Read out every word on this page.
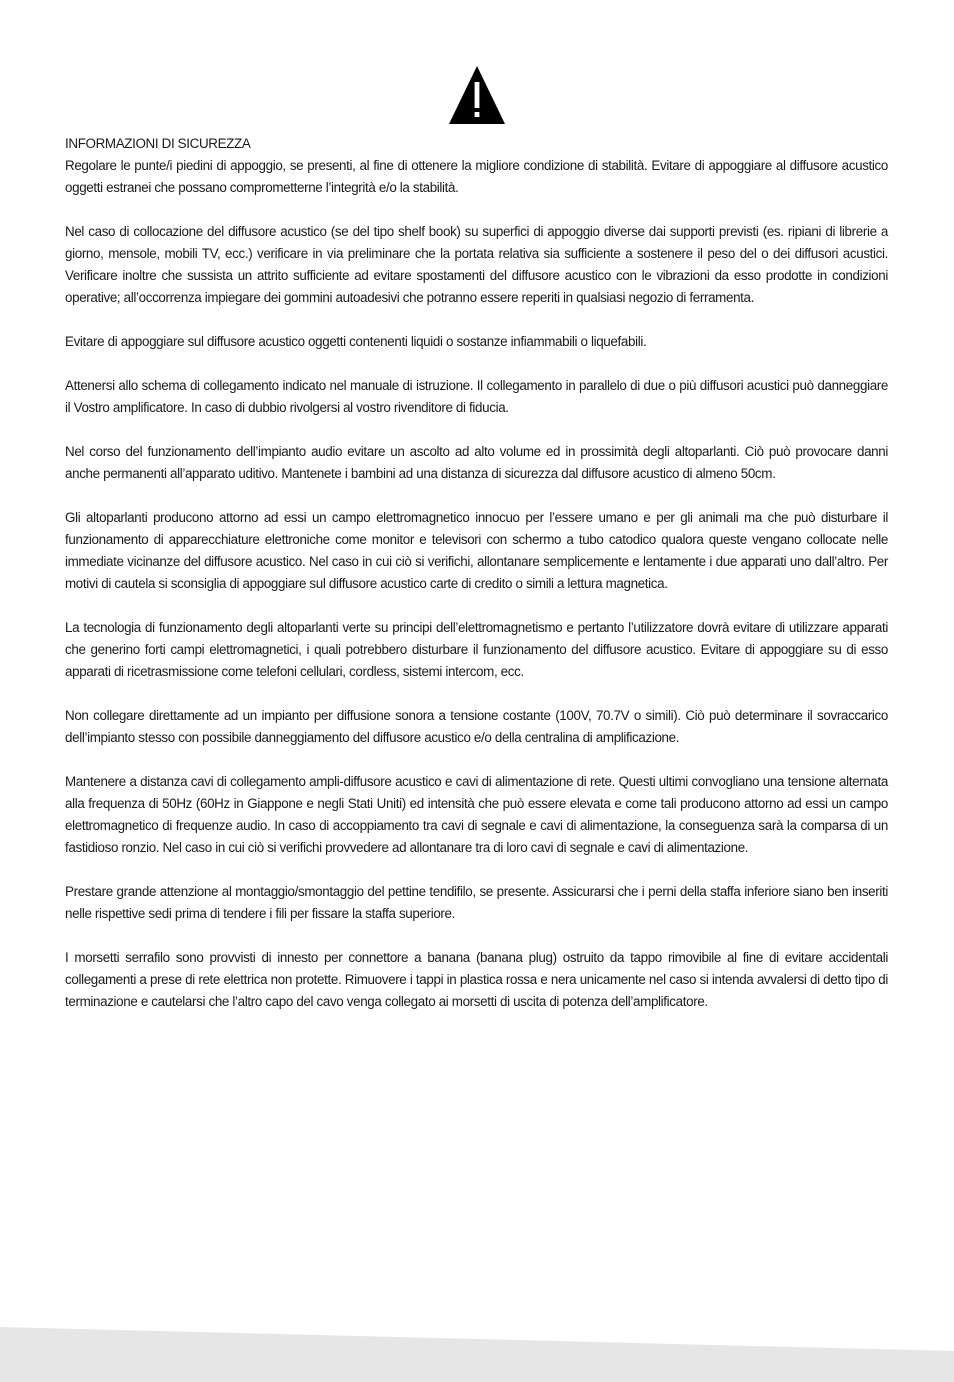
INFORMAZIONI DI SICUREZZA

Regolare le punte/i piedini di appoggio, se presenti, al fine di ottenere la migliore condizione di stabilità. Evitare di appoggiare al diffusore acustico oggetti estranei che possano comprometterne l’integrità e/o la stabilità.

Nel caso di collocazione del diffusore acustico (se del tipo shelf book) su superfici di appoggio diverse dai supporti previsti (es. ripiani di librerie a giorno, mensole, mobili TV, ecc.) verificare in via preliminare che la portata relativa sia sufficiente a sostenere il peso del o dei diffusori acustici. Verificare inoltre che sussista un attrito sufficiente ad evitare spostamenti del diffusore acustico con le vibrazioni da esso prodotte in condizioni operative; all’occorrenza impiegare dei gommini autoadesivi che potranno essere reperiti in qualsiasi negozio di ferramenta.

Evitare di appoggiare sul diffusore acustico oggetti contenenti liquidi o sostanze infiammabili o liquefabili.

Attenersi allo schema di collegamento indicato nel manuale di istruzione. Il collegamento in parallelo di due o più diffusori acustici può danneggiare il Vostro amplificatore. In caso di dubbio rivolgersi al vostro rivenditore di fiducia.

Nel corso del funzionamento dell’impianto audio evitare un ascolto ad alto volume ed in prossimità degli altoparlanti. Ciò può provocare danni anche permanenti all’apparato uditivo. Mantenete i bambini ad una distanza di sicurezza dal diffusore acustico di almeno 50cm.

Gli altoparlanti producono attorno ad essi un campo elettromagnetico innocuo per l’essere umano e per gli animali ma che può disturbare il funzionamento di apparecchiature elettroniche come monitor e televisori con schermo a tubo catodico qualora queste vengano collocate nelle immediate vicinanze del diffusore acustico. Nel caso in cui ciò si verifichi, allontanare semplicemente e lentamente i due apparati uno dall’altro. Per motivi di cautela si sconsiglia di appoggiare sul diffusore acustico carte di credito o simili a lettura magnetica.

La tecnologia di funzionamento degli altoparlanti verte su principi dell’elettromagnetismo e pertanto l’utilizzatore dovrà evitare di utilizzare apparati che generino forti campi elettromagnetici, i quali potrebbero disturbare il funzionamento del diffusore acustico. Evitare di appoggiare su di esso apparati di ricetrasmissione come telefoni cellulari, cordless, sistemi intercom, ecc.

Non collegare direttamente ad un impianto per diffusione sonora a tensione costante (100V, 70.7V o simili). Ciò può determinare il sovraccarico dell’impianto stesso con possibile danneggiamento del diffusore acustico e/o della centralina di amplificazione.

Mantenere a distanza cavi di collegamento ampli-diffusore acustico e cavi di alimentazione di rete. Questi ultimi convogliano una tensione alternata alla frequenza di 50Hz (60Hz in Giappone e negli Stati Uniti) ed intensità che può essere elevata e come tali producono attorno ad essi un campo elettromagnetico di frequenze audio. In caso di accoppiamento tra cavi di segnale e cavi di alimentazione, la conseguenza sarà la comparsa di un fastidioso ronzio. Nel caso in cui ciò si verifichi provvedere ad allontanare tra di loro cavi di segnale e cavi di alimentazione.

Prestare grande attenzione al montaggio/smontaggio del pettine tendifilo, se presente. Assicurarsi che i perni della staffa inferiore siano ben inseriti nelle rispettive sedi prima di tendere i fili per fissare la staffa superiore.

I morsetti serrafilo sono provvisti di innesto per connettore a banana (banana plug) ostruito da tappo rimovibile al fine di evitare accidentali collegamenti a prese di rete elettrica non protette. Rimuovere i tappi in plastica rossa e nera unicamente nel caso si intenda avvalersi di detto tipo di terminazione e cautelarsi che l’altro capo del cavo venga collegato ai morsetti di uscita di potenza dell’amplificatore.
